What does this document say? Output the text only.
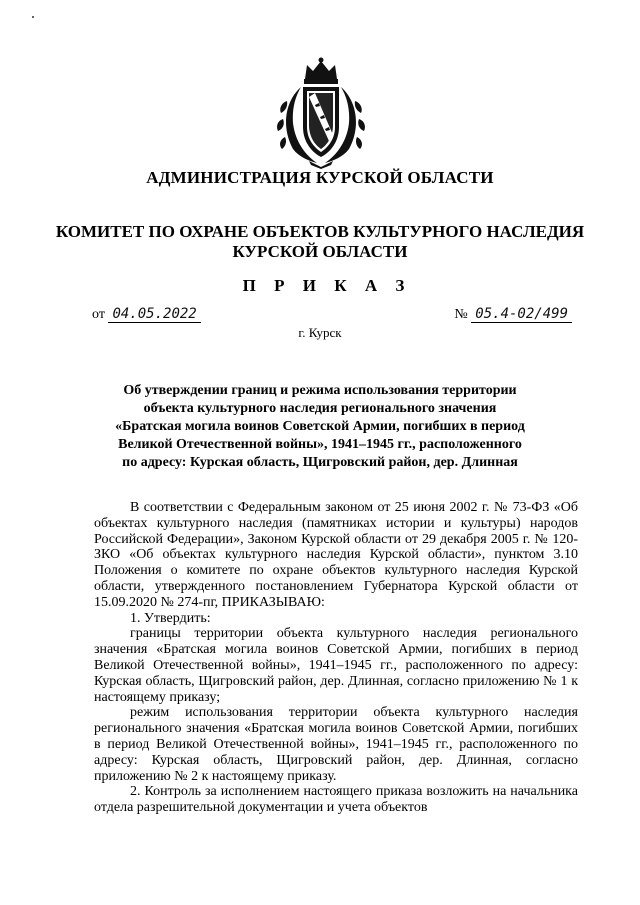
АДМИНИСТРАЦИЯ КУРСКОЙ ОБЛАСТИ
КОМИТЕТ ПО ОХРАНЕ ОБЪЕКТОВ КУЛЬТУРНОГО НАСЛЕДИЯ
КУРСКОЙ ОБЛАСТИ
П Р И К А З
от 04.05.2022	№ 05.4-02/499
г. Курск
Об утверждении границ и режима использования территории
объекта культурного наследия регионального значения
«Братская могила воинов Советской Армии, погибших в период
Великой Отечественной войны», 1941–1945 гг., расположенного
по адресу: Курская область, Щигровский район, дер. Длинная

В соответствии с Федеральным законом от 25 июня 2002 г. № 73-ФЗ «Об объектах культурного наследия (памятниках истории и культуры) народов Российской Федерации», Законом Курской области от 29 декабря 2005 г. № 120-ЗКО «Об объектах культурного наследия Курской области», пунктом 3.10 Положения о комитете по охране объектов культурного наследия Курской области, утвержденного постановлением Губернатора Курской области от 15.09.2020 № 274-пг, ПРИКАЗЫВАЮ:

1. Утвердить:

границы территории объекта культурного наследия регионального значения «Братская могила воинов Советской Армии, погибших в период Великой Отечественной войны», 1941–1945 гг., расположенного по адресу: Курская область, Щигровский район, дер. Длинная, согласно приложению № 1 к настоящему приказу;

режим использования территории объекта культурного наследия регионального значения «Братская могила воинов Советской Армии, погибших в период Великой Отечественной войны», 1941–1945 гг., расположенного по адресу: Курская область, Щигровский район, дер. Длинная, согласно приложению № 2 к настоящему приказу.

2. Контроль за исполнением настоящего приказа возложить на начальника отдела разрешительной документации и учета объектов
